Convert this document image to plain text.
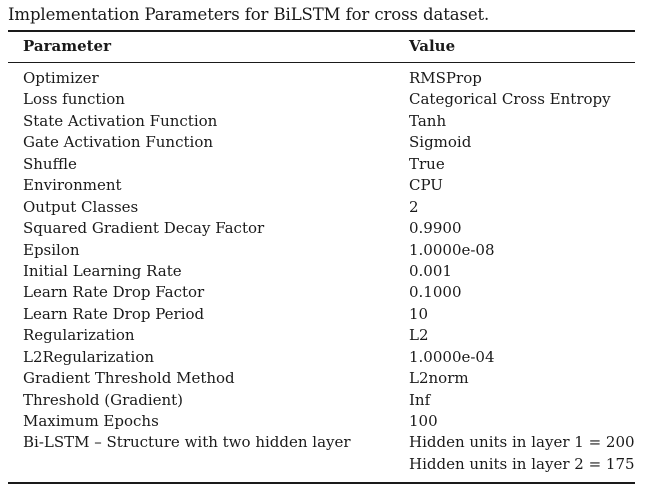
Implementation Parameters for BiLSTM for cross dataset.
Parameter	Value
Optimizer	RMSProp
Loss function	Categorical Cross Entropy
State Activation Function	Tanh
Gate Activation Function	Sigmoid
Shuffle	True
Environment	CPU
Output Classes	2
Squared Gradient Decay Factor	0.9900
Epsilon	1.0000e-08
Initial Learning Rate	0.001
Learn Rate Drop Factor	0.1000
Learn Rate Drop Period	10
Regularization	L2
L2Regularization	1.0000e-04
Gradient Threshold Method	L2norm
Threshold (Gradient)	Inf
Maximum Epochs	100
Bi-LSTM – Structure with two hidden layer	Hidden units in layer 1 = 200
Hidden units in layer 2 = 175
